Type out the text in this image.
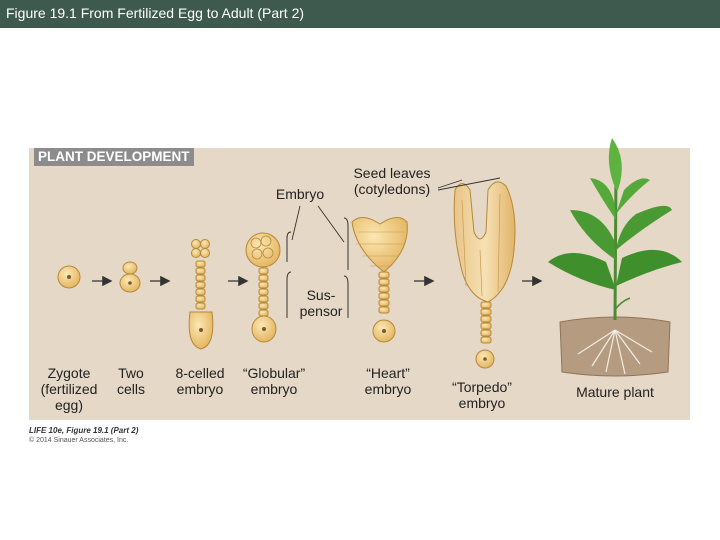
Figure 19.1 From Fertilized Egg to Adult (Part 2)
PLANT DEVELOPMENT
Seed leaves
(cotyledons)
Embryo
Sus-
pensor
Zygote
(fertilized
egg)
Two
cells
8-celled
embryo
“Globular”
embryo
“Heart”
embryo	“Torpedo”
embryo
Mature plant
LIFE 10e, Figure 19.1 (Part 2)
© 2014 Sinauer Associates, Inc.
